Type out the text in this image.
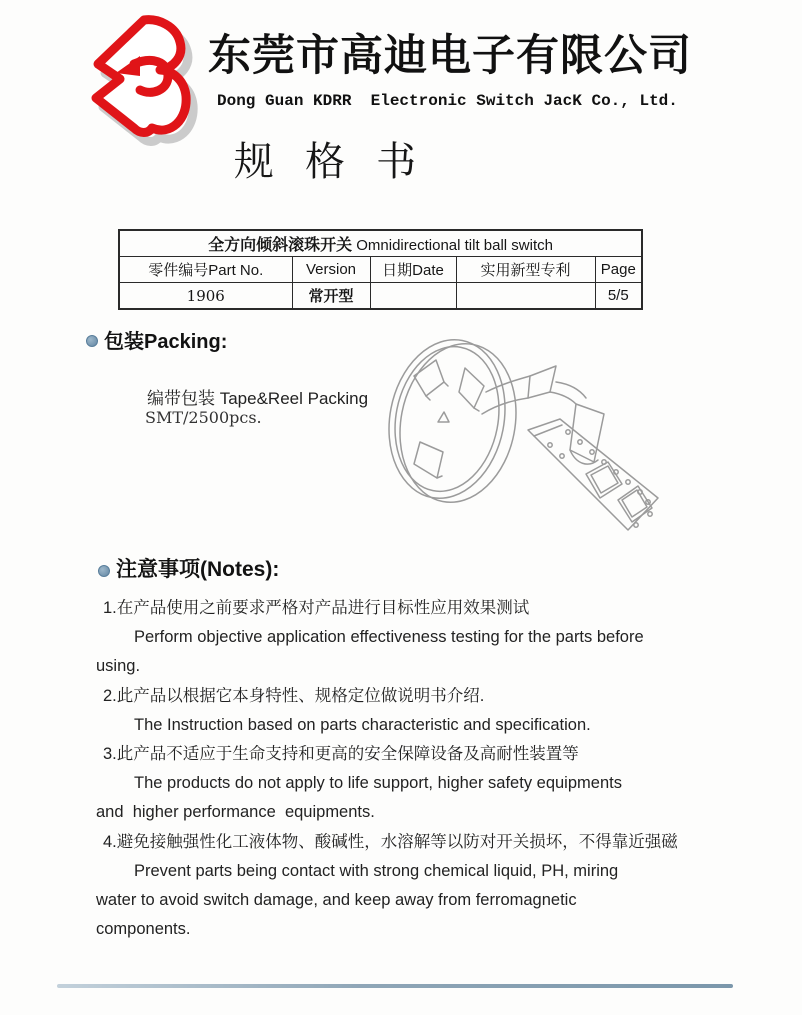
东莞市高迪电子有限公司
Dong Guan KDRR  Electronic Switch JacK Co., Ltd.
规 格 书
全方向倾斜滚珠开关 Omnidirectional tilt ball switch				
零件编号Part No.	Version	日期Date	实用新型专利	Page
1906	常开型			5/5
包装Packing:
编带包装 Tape&Reel Packing
SMT/2500pcs.
注意事项(Notes):
1.在产品使用之前要求严格对产品进行目标性应用效果测试
Perform objective application effectiveness testing for the parts before
using.
2.此产品以根据它本身特性、规格定位做说明书介绍.
The Instruction based on parts characteristic and specification.
3.此产品不适应于生命支持和更高的安全保障设备及高耐性装置等
The products do not apply to life support, higher safety equipments
and  higher performance  equipments.
4.避免接触强性化工液体物、酸碱性，水溶解等以防对开关损坏，不得靠近强磁
Prevent parts being contact with strong chemical liquid, PH, miring
water to avoid switch damage, and keep away from ferromagnetic
components.
